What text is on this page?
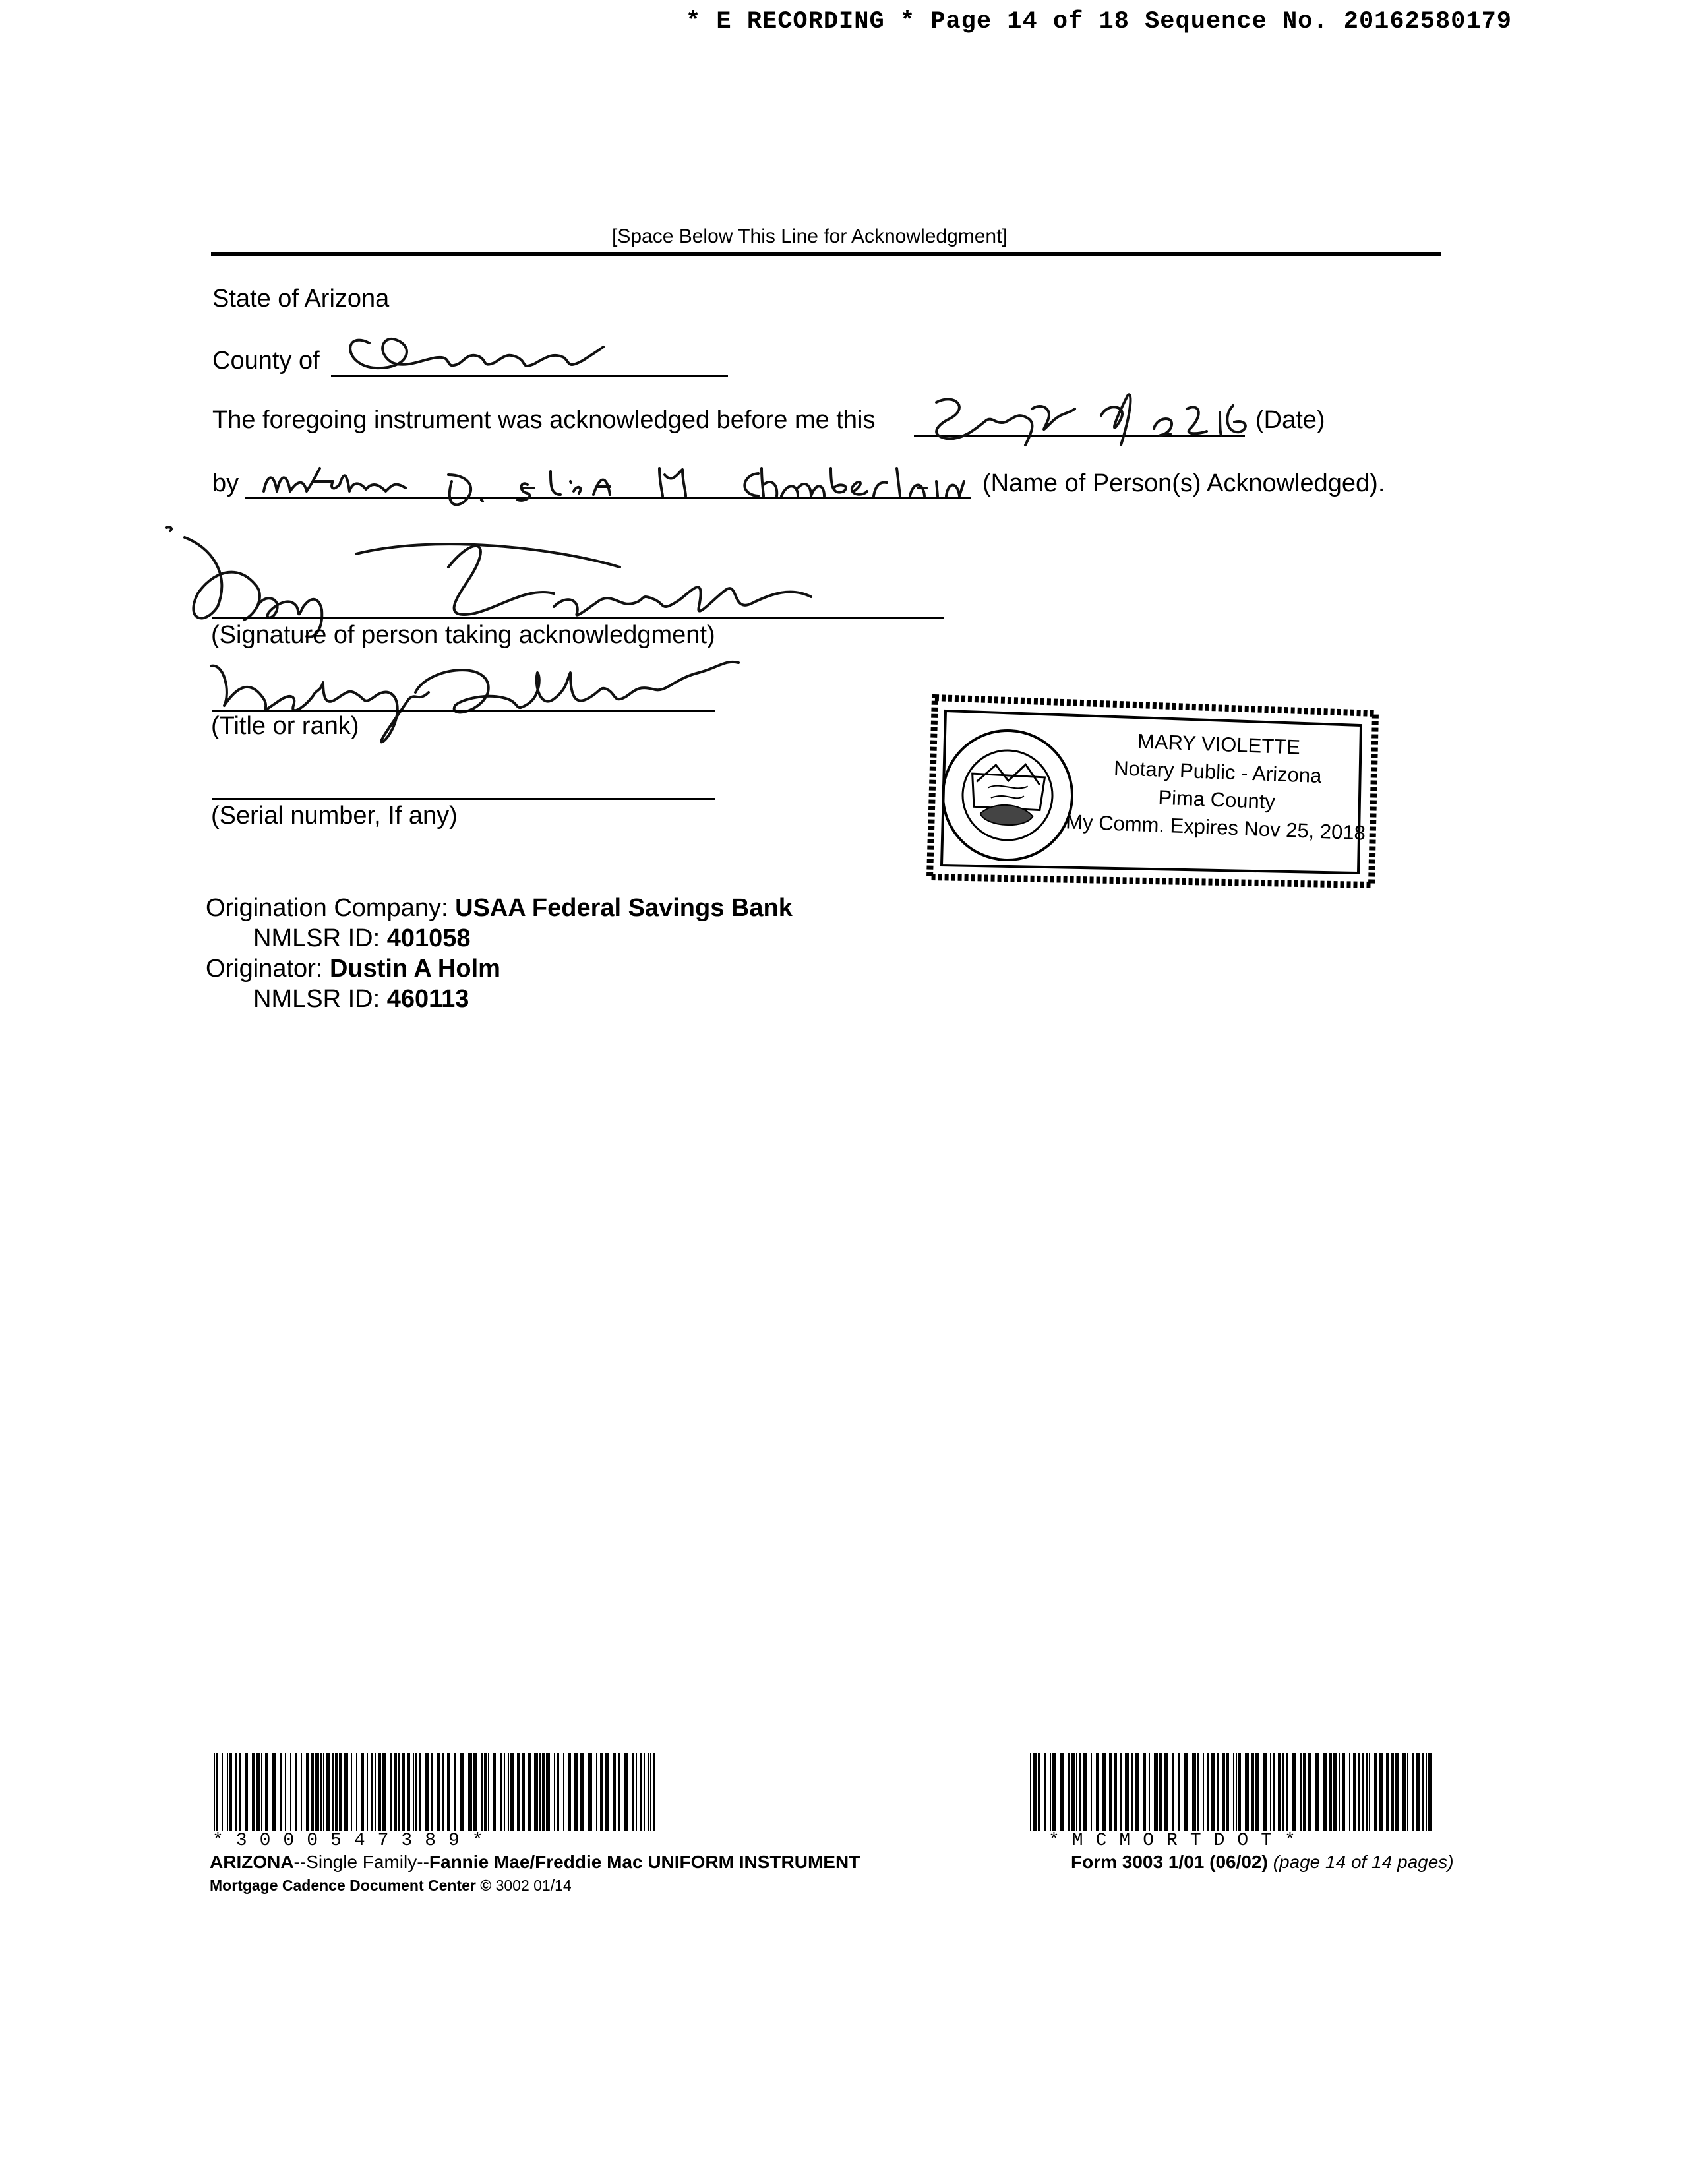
* E RECORDING * Page 14 of 18 Sequence No. 20162580179
[Space Below This Line for Acknowledgment]
State of Arizona
County of
The foregoing instrument was acknowledged before me this	(Date)
by	(Name of Person(s) Acknowledged).
(Signature of person taking acknowledgment)
(Title or rank)
(Serial number, If any)
MARY VIOLETTE
Notary Public - Arizona
Pima County
My Comm. Expires Nov 25, 2018
Origination Company: USAA Federal Savings Bank
NMLSR ID: 401058
Originator: Dustin A Holm
NMLSR ID: 460113
*3000547389*	*MCMORTDOT*
ARIZONA--Single Family--Fannie Mae/Freddie Mac UNIFORM INSTRUMENT
Mortgage Cadence Document Center © 3002 01/14
Form 3003 1/01 (06/02) (page 14 of 14 pages)
